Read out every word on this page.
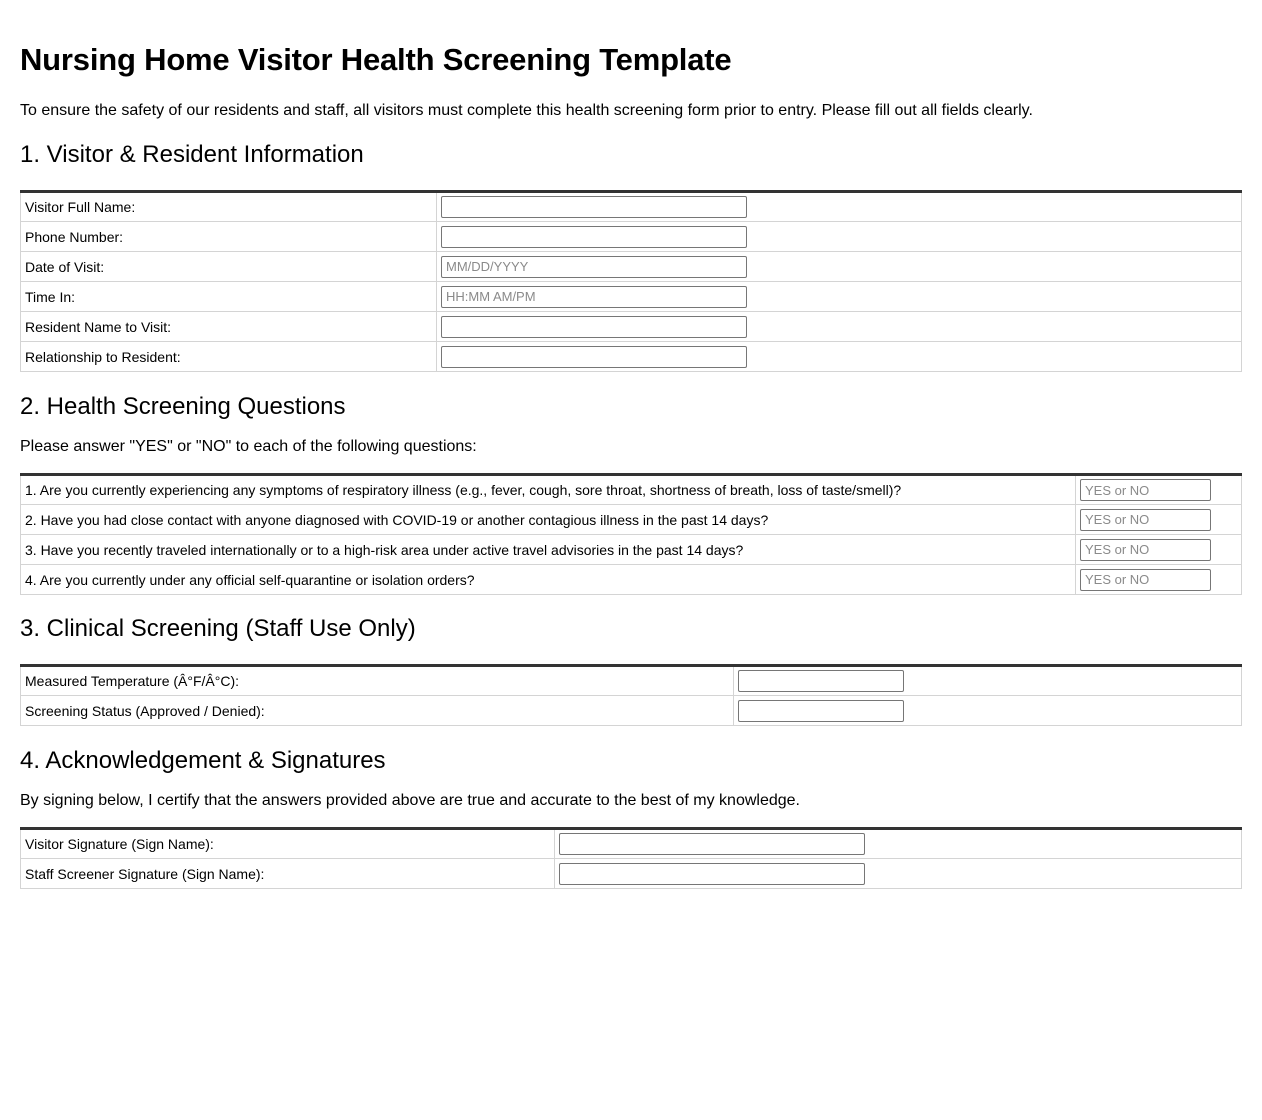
Nursing Home Visitor Health Screening Template

To ensure the safety of our residents and staff, all visitors must complete this health screening form prior to entry. Please fill out all fields clearly.

1. Visitor & Resident Information
Visitor Full Name:	

Phone Number:	

Date of Visit:	
MM/DD/YYYY
Time In:	
HH:MM AM/PM
Resident Name to Visit:	

Relationship to Resident:	
2. Health Screening Questions

Please answer "YES" or "NO" to each of the following questions:

1. Are you currently experiencing any symptoms of respiratory illness (e.g., fever, cough, sore throat, shortness of breath, loss of taste/smell)?	
YES or NO
2. Have you had close contact with anyone diagnosed with COVID-19 or another contagious illness in the past 14 days?	
YES or NO
3. Have you recently traveled internationally or to a high-risk area under active travel advisories in the past 14 days?	
YES or NO
4. Are you currently under any official self-quarantine or isolation orders?	
YES or NO
3. Clinical Screening (Staff Use Only)
Measured Temperature (Â°F/Â°C):	

Screening Status (Approved / Denied):	
4. Acknowledgement & Signatures

By signing below, I certify that the answers provided above are true and accurate to the best of my knowledge.

Visitor Signature (Sign Name):	

Staff Screener Signature (Sign Name):	
